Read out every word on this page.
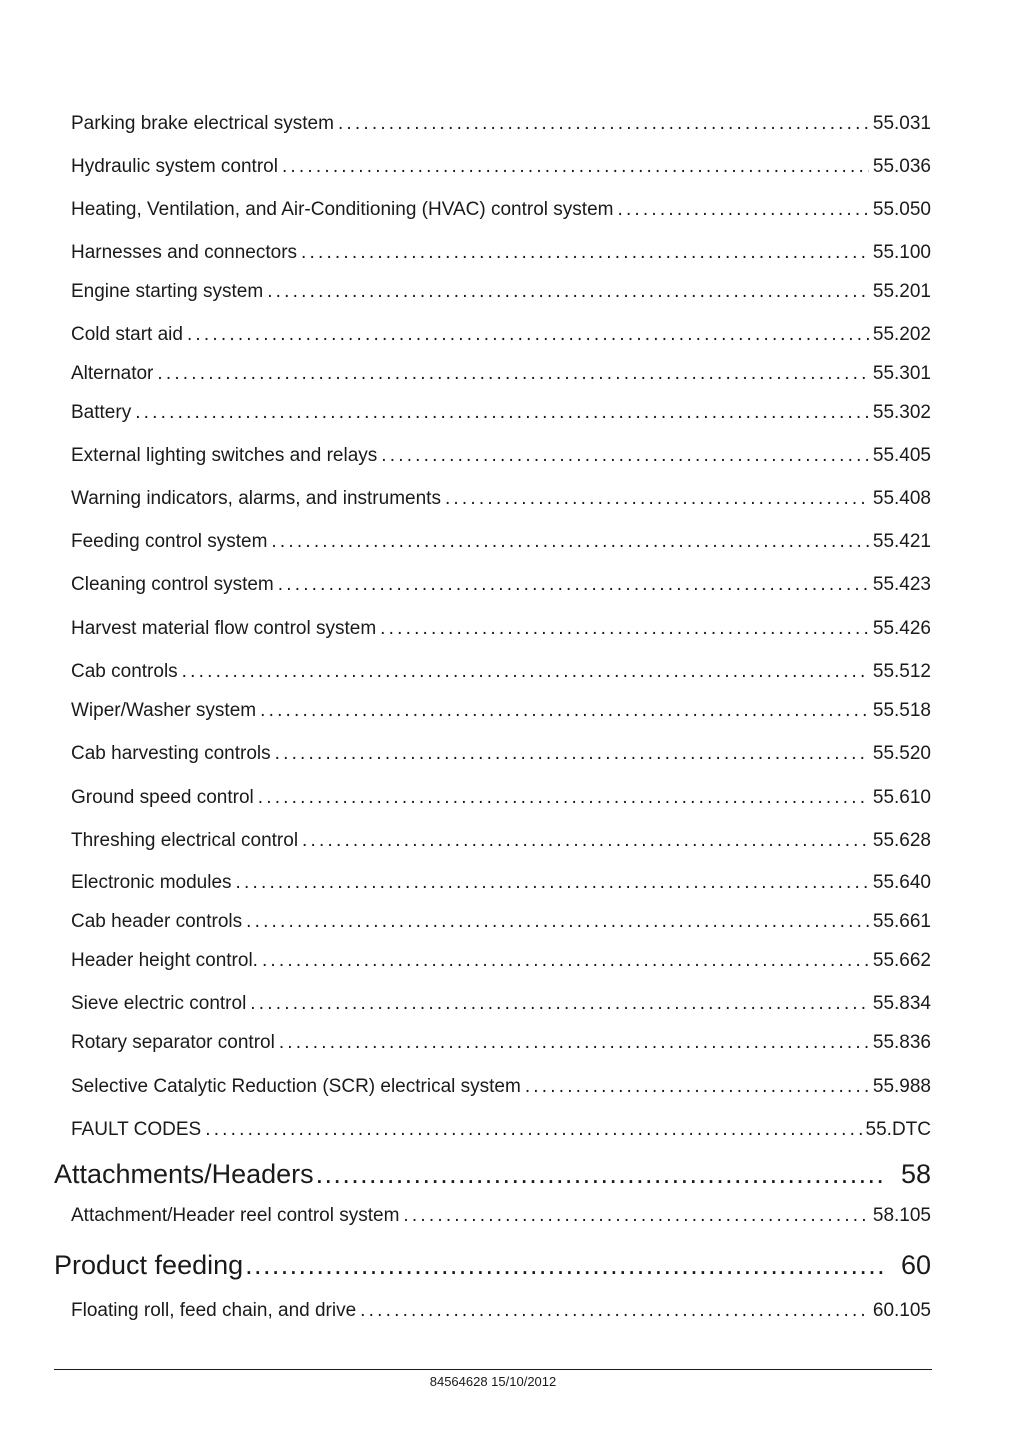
Parking brake electrical system .....	55.031
Hydraulic system control .....	55.036
Heating, Ventilation, and Air-Conditioning (HVAC) control system .....	55.050
Harnesses and connectors .....	55.100
Engine starting system .....	55.201
Cold start aid .....	55.202
Alternator .....	55.301
Battery .....	55.302
External lighting switches and relays .....	55.405
Warning indicators, alarms, and instruments .....	55.408
Feeding control system .....	55.421
Cleaning control system .....	55.423
Harvest material flow control system .....	55.426
Cab controls .....	55.512
Wiper/Washer system .....	55.518
Cab harvesting controls .....	55.520
Ground speed control .....	55.610
Threshing electrical control .....	55.628
Electronic modules .....	55.640
Cab header controls .....	55.661
Header height control. .....	55.662
Sieve electric control .....	55.834
Rotary separator control .....	55.836
Selective Catalytic Reduction (SCR) electrical system .....	55.988
FAULT CODES .....	55.DTC
Attachments/Headers .....	58
Attachment/Header reel control system .....	58.105
Product feeding .....	60
Floating roll, feed chain, and drive .....	60.105
84564628 15/10/2012
